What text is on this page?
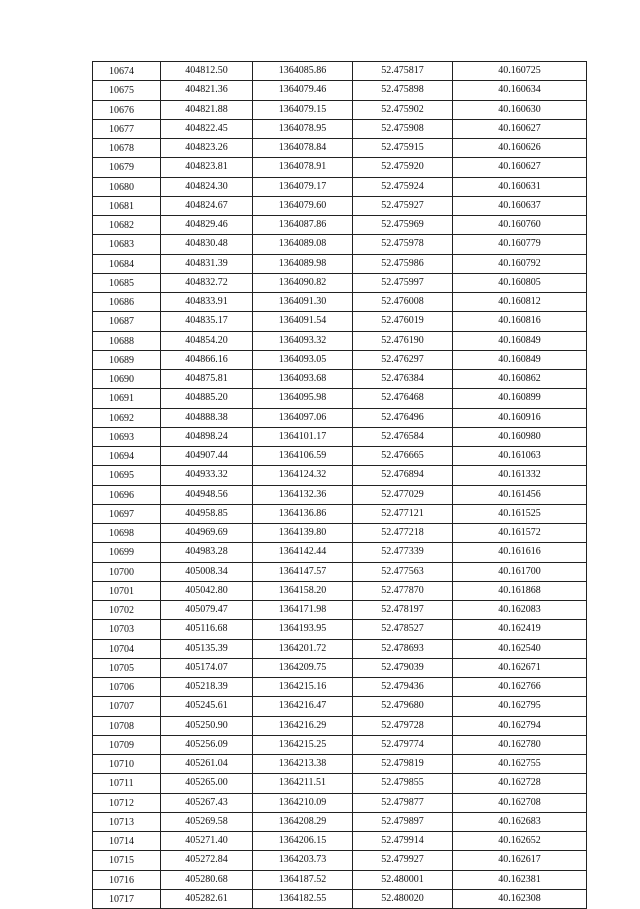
10674	404812.50	1364085.86	52.475817	40.160725
10675	404821.36	1364079.46	52.475898	40.160634
10676	404821.88	1364079.15	52.475902	40.160630
10677	404822.45	1364078.95	52.475908	40.160627
10678	404823.26	1364078.84	52.475915	40.160626
10679	404823.81	1364078.91	52.475920	40.160627
10680	404824.30	1364079.17	52.475924	40.160631
10681	404824.67	1364079.60	52.475927	40.160637
10682	404829.46	1364087.86	52.475969	40.160760
10683	404830.48	1364089.08	52.475978	40.160779
10684	404831.39	1364089.98	52.475986	40.160792
10685	404832.72	1364090.82	52.475997	40.160805
10686	404833.91	1364091.30	52.476008	40.160812
10687	404835.17	1364091.54	52.476019	40.160816
10688	404854.20	1364093.32	52.476190	40.160849
10689	404866.16	1364093.05	52.476297	40.160849
10690	404875.81	1364093.68	52.476384	40.160862
10691	404885.20	1364095.98	52.476468	40.160899
10692	404888.38	1364097.06	52.476496	40.160916
10693	404898.24	1364101.17	52.476584	40.160980
10694	404907.44	1364106.59	52.476665	40.161063
10695	404933.32	1364124.32	52.476894	40.161332
10696	404948.56	1364132.36	52.477029	40.161456
10697	404958.85	1364136.86	52.477121	40.161525
10698	404969.69	1364139.80	52.477218	40.161572
10699	404983.28	1364142.44	52.477339	40.161616
10700	405008.34	1364147.57	52.477563	40.161700
10701	405042.80	1364158.20	52.477870	40.161868
10702	405079.47	1364171.98	52.478197	40.162083
10703	405116.68	1364193.95	52.478527	40.162419
10704	405135.39	1364201.72	52.478693	40.162540
10705	405174.07	1364209.75	52.479039	40.162671
10706	405218.39	1364215.16	52.479436	40.162766
10707	405245.61	1364216.47	52.479680	40.162795
10708	405250.90	1364216.29	52.479728	40.162794
10709	405256.09	1364215.25	52.479774	40.162780
10710	405261.04	1364213.38	52.479819	40.162755
10711	405265.00	1364211.51	52.479855	40.162728
10712	405267.43	1364210.09	52.479877	40.162708
10713	405269.58	1364208.29	52.479897	40.162683
10714	405271.40	1364206.15	52.479914	40.162652
10715	405272.84	1364203.73	52.479927	40.162617
10716	405280.68	1364187.52	52.480001	40.162381
10717	405282.61	1364182.55	52.480020	40.162308
